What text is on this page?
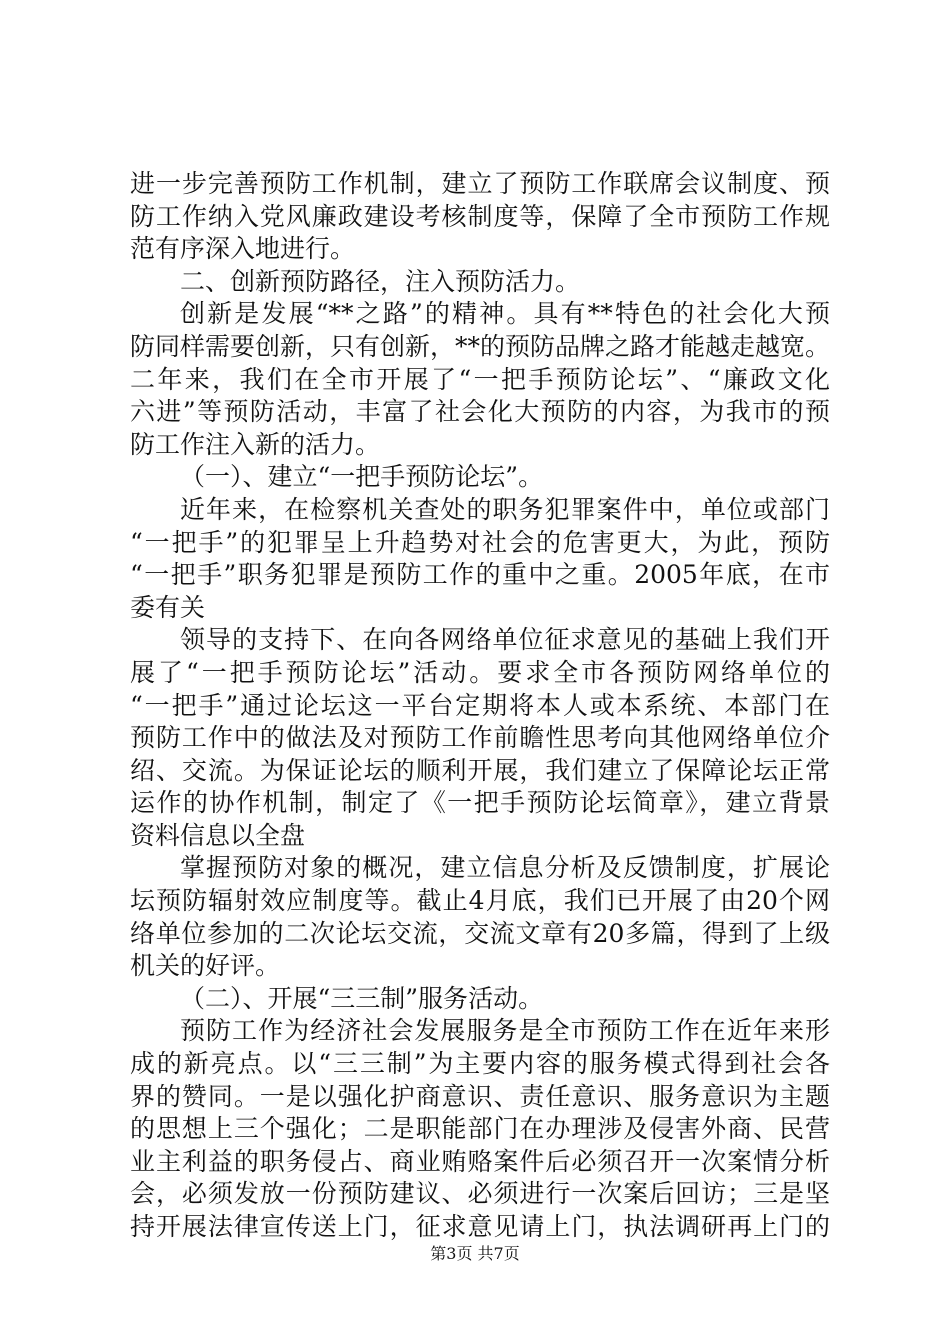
进一步完善预防工作机制，建立了预防工作联席会议制度、预
防工作纳入党风廉政建设考核制度等，保障了全市预防工作规
范有序深入地进行。
二、创新预防路径，注入预防活力。
创新是发展“**之路”的精神。具有**特色的社会化大预
防同样需要创新，只有创新，**的预防品牌之路才能越走越宽。
二年来，我们在全市开展了“一把手预防论坛”、“廉政文化
六进”等预防活动，丰富了社会化大预防的内容，为我市的预
防工作注入新的活力。
（一）、建立“一把手预防论坛”。
近年来，在检察机关查处的职务犯罪案件中，单位或部门
“一把手”的犯罪呈上升趋势对社会的危害更大，为此，预防
“一把手”职务犯罪是预防工作的重中之重。2005年底，在市
委有关
领导的支持下、在向各网络单位征求意见的基础上我们开
展了“一把手预防论坛”活动。要求全市各预防网络单位的
“一把手”通过论坛这一平台定期将本人或本系统、本部门在
预防工作中的做法及对预防工作前瞻性思考向其他网络单位介
绍、交流。为保证论坛的顺利开展，我们建立了保障论坛正常
运作的协作机制，制定了《一把手预防论坛简章》，建立背景
资料信息以全盘
掌握预防对象的概况，建立信息分析及反馈制度，扩展论
坛预防辐射效应制度等。截止4月底，我们已开展了由20个网
络单位参加的二次论坛交流，交流文章有20多篇，得到了上级
机关的好评。
（二）、开展“三三制”服务活动。
预防工作为经济社会发展服务是全市预防工作在近年来形
成的新亮点。以“三三制”为主要内容的服务模式得到社会各
界的赞同。一是以强化护商意识、责任意识、服务意识为主题
的思想上三个强化；二是职能部门在办理涉及侵害外商、民营
业主利益的职务侵占、商业贿赂案件后必须召开一次案情分析
会，必须发放一份预防建议、必须进行一次案后回访；三是坚
持开展法律宣传送上门，征求意见请上门，执法调研再上门的
第3页 共7页
